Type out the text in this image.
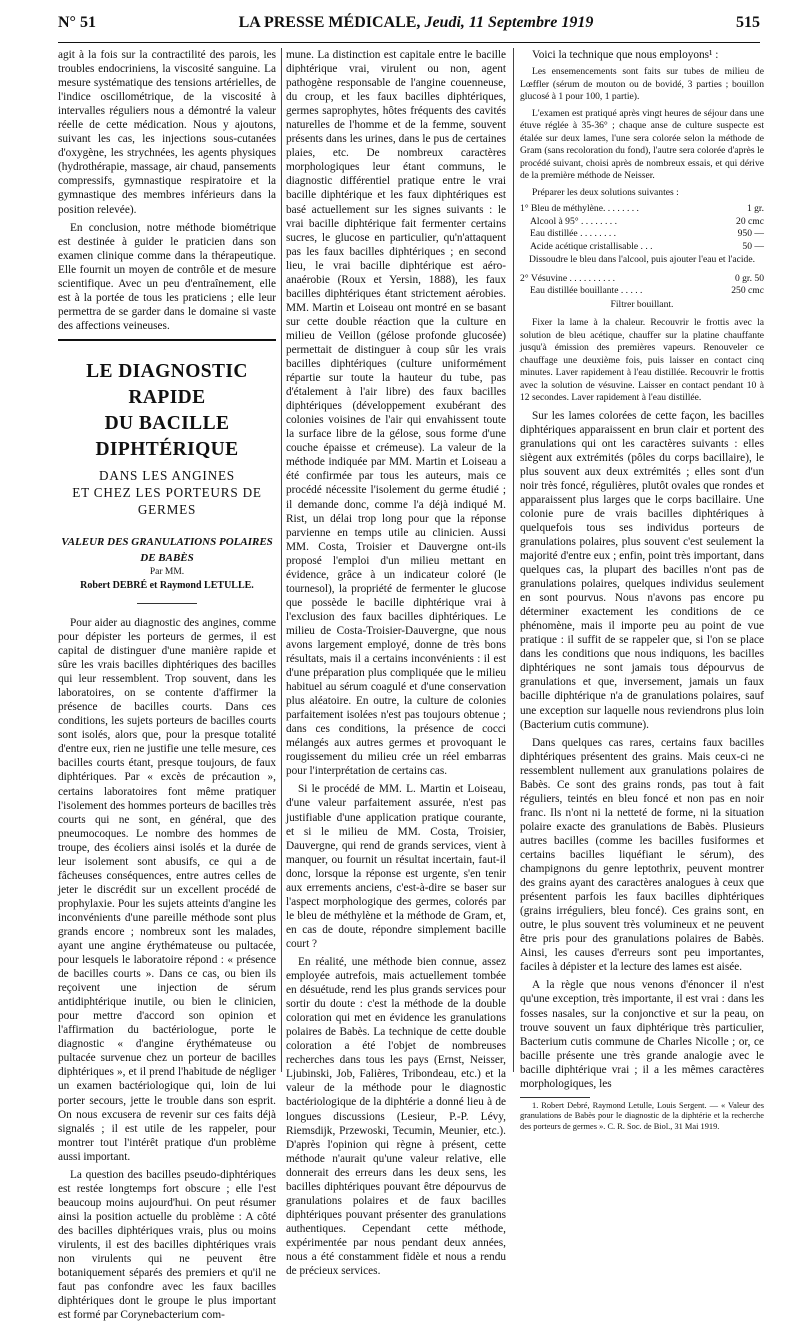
N° 51	LA PRESSE MÉDICALE, Jeudi, 11 Septembre 1919	515

agit à la fois sur la contractilité des parois, les troubles endocriniens, la viscosité sanguine. La mesure systématique des tensions artérielles, de l'indice oscillométrique, de la viscosité à intervalles réguliers nous a démontré la valeur réelle de cette médication. Nous y ajoutons, suivant les cas, les injections sous-cutanées d'oxygène, les strychnées, les agents physiques (hydrothérapie, massage, air chaud, pansements compressifs, gymnastique respiratoire et la gymnastique des membres inférieurs dans la position relevée).

En conclusion, notre méthode biométrique est destinée à guider le praticien dans son examen clinique comme dans la thérapeutique. Elle fournit un moyen de contrôle et de mesure scientifique. Avec un peu d'entraînement, elle est à la portée de tous les praticiens ; elle leur permettra de se garder dans le domaine si vaste des affections veineuses.

LE DIAGNOSTIC RAPIDE
DU BACILLE DIPHTÉRIQUE
DANS LES ANGINES
ET CHEZ LES PORTEURS DE GERMES
VALEUR DES GRANULATIONS POLAIRES DE BABÈS
Par MM.
Robert DEBRÉ et Raymond LETULLE.

Pour aider au diagnostic des angines, comme pour dépister les porteurs de germes, il est capital de distinguer d'une manière rapide et sûre les vrais bacilles diphtériques des bacilles qui leur ressemblent. Trop souvent, dans les laboratoires, on se contente d'affirmer la présence de bacilles courts. Dans ces conditions, les sujets porteurs de bacilles courts sont isolés, alors que, pour la presque totalité d'entre eux, rien ne justifie une telle mesure, ces bacilles courts étant, presque toujours, de faux diphtériques. Par « excès de précaution », certains laboratoires font même pratiquer l'isolement des hommes porteurs de bacilles très courts qui ne sont, en général, que des pneumocoques. Le nombre des hommes de troupe, des écoliers ainsi isolés et la durée de leur isolement sont abusifs, ce qui a de fâcheuses conséquences, entre autres celles de jeter le discrédit sur un excellent procédé de prophylaxie. Pour les sujets atteints d'angine les inconvénients d'une pareille méthode sont plus grands encore ; nombreux sont les malades, ayant une angine érythémateuse ou pultacée, pour lesquels le laboratoire répond : « présence de bacilles courts ». Dans ce cas, ou bien ils reçoivent une injection de sérum antidiphtérique inutile, ou bien le clinicien, pour mettre d'accord son opinion et l'affirmation du bactériologue, porte le diagnostic « d'angine érythémateuse ou pultacée survenue chez un porteur de bacilles diphtériques », et il prend l'habitude de négliger un examen bactériologique qui, loin de lui porter secours, jette le trouble dans son esprit. On nous excusera de revenir sur ces faits déjà signalés ; il est utile de les rappeler, pour montrer tout l'intérêt pratique d'un problème aussi important.

La question des bacilles pseudo-diphtériques est restée longtemps fort obscure ; elle l'est beaucoup moins aujourd'hui. On peut résumer ainsi la position actuelle du problème : A côté des bacilles diphtériques vrais, plus ou moins virulents, il est des bacilles diphtériques vrais non virulents qui ne peuvent être botaniquement séparés des premiers et qu'il ne faut pas confondre avec les faux bacilles diphtériques dont le groupe le plus important est formé par Corynebacterium com-

mune. La distinction est capitale entre le bacille diphtérique vrai, virulent ou non, agent pathogène responsable de l'angine couenneuse, du croup, et les faux bacilles diphtériques, germes saprophytes, hôtes fréquents des cavités naturelles de l'homme et de la femme, souvent présents dans les urines, dans le pus de certaines plaies, etc. De nombreux caractères morphologiques leur étant communs, le diagnostic différentiel pratique entre le vrai bacille diphtérique et les faux diphtériques est basé actuellement sur les signes suivants : le vrai bacille diphtérique fait fermenter certains sucres, le glucose en particulier, qu'n'attaquent pas les faux bacilles diphtériques ; en second lieu, le vrai bacille diphtérique est aéro-anaérobie (Roux et Yersin, 1888), les faux bacilles diphtériques étant strictement aérobies. MM. Martin et Loiseau ont montré en se basant sur cette double réaction que la culture en milieu de Veillon (gélose profonde glucosée) permettait de distinguer à coup sûr les vrais bacilles diphtériques (culture uniformément répartie sur toute la hauteur du tube, pas d'étalement à l'air libre) des faux bacilles diphtériques (développement exubérant des colonies voisines de l'air qui envahissent toute la surface libre de la gélose, sous forme d'une couche épaisse et crémeuse). La valeur de la méthode indiquée par MM. Martin et Loiseau a été confirmée par tous les auteurs, mais ce procédé nécessite l'isolement du germe étudié ; il demande donc, comme l'a déjà indiqué M. Rist, un délai trop long pour que la réponse parvienne en temps utile au clinicien. Aussi MM. Costa, Troisier et Dauvergne ont-ils proposé l'emploi d'un milieu mettant en évidence, grâce à un indicateur coloré (le tournesol), la propriété de fermenter le glucose que possède le bacille diphtérique vrai à l'exclusion des faux bacilles diphtériques. Le milieu de Costa-Troisier-Dauvergne, que nous avons largement employé, donne de très bons résultats, mais il a certains inconvénients : il est d'une préparation plus compliquée que le milieu habituel au sérum coagulé et d'une conservation plus aléatoire. En outre, la culture de colonies parfaitement isolées n'est pas toujours obtenue ; dans ces conditions, la présence de cocci mélangés aux autres germes et provoquant le rougissement du milieu crée un réel embarras pour l'interprétation de certains cas.

Si le procédé de MM. L. Martin et Loiseau, d'une valeur parfaitement assurée, n'est pas justifiable d'une application pratique courante, et si le milieu de MM. Costa, Troisier, Dauvergne, qui rend de grands services, vient à manquer, ou fournit un résultat incertain, faut-il donc, lorsque la réponse est urgente, s'en tenir aux errements anciens, c'est-à-dire se baser sur l'aspect morphologique des germes, colorés par le bleu de méthylène et la méthode de Gram, et, en cas de doute, répondre simplement bacille court ?

En réalité, une méthode bien connue, assez employée autrefois, mais actuellement tombée en désuétude, rend les plus grands services pour sortir du doute : c'est la méthode de la double coloration qui met en évidence les granulations polaires de Babès. La technique de cette double coloration a été l'objet de nombreuses recherches dans tous les pays (Ernst, Neisser, Ljubinski, Job, Falières, Tribondeau, etc.) et la valeur de la méthode pour le diagnostic bactériologique de la diphtérie a donné lieu à de longues discussions (Lesieur, P.-P. Lévy, Riemsdijk, Przewoski, Tecumin, Meunier, etc.). D'après l'opinion qui règne à présent, cette méthode n'aurait qu'une valeur relative, elle donnerait des erreurs dans les deux sens, les bacilles diphtériques pouvant être dépourvus de granulations polaires et de faux bacilles diphtériques pouvant présenter des granulations authentiques. Cependant cette méthode, expérimentée par nous pendant deux années, nous a été constamment fidèle et nous a rendu de précieux services.

Voici la technique que nous employons¹ :

Les ensemencements sont faits sur tubes de milieu de Lœffler (sérum de mouton ou de bovidé, 3 parties ; bouillon glucosé à 1 pour 100, 1 partie).

L'examen est pratiqué après vingt heures de séjour dans une étuve réglée à 35-36° ; chaque anse de culture suspecte est étalée sur deux lames, l'une sera colorée selon la méthode de Gram (sans recoloration du fond), l'autre sera colorée d'après le procédé suivant, choisi après de nombreux essais, et qui dérive de la première méthode de Neisser.

Préparer les deux solutions suivantes :

1° Bleu de méthylène. . . . . . . .	1 gr.
Alcool à 95° . . . . . . . .	20 cmc
Eau distillée . . . . . . . .	950 —
Acide acétique cristallisable . . .	50 —

Dissoudre le bleu dans l'alcool, puis ajouter l'eau et l'acide.

2° Vésuvine . . . . . . . . . .	0 gr. 50
Eau distillée bouillante . . . . .	250 cmc

Filtrer bouillant.

Fixer la lame à la chaleur. Recouvrir le frottis avec la solution de bleu acétique, chauffer sur la platine chauffante jusqu'à émission des premières vapeurs. Renouveler ce chauffage une deuxième fois, puis laisser en contact cinq minutes. Laver rapidement à l'eau distillée. Recouvrir le frottis avec la solution de vésuvine. Laisser en contact pendant 10 à 12 secondes. Laver rapidement à l'eau distillée.

Sur les lames colorées de cette façon, les bacilles diphtériques apparaissent en brun clair et portent des granulations qui ont les caractères suivants : elles siègent aux extrémités (pôles du corps bacillaire), le plus souvent aux deux extrémités ; elles sont d'un noir très foncé, régulières, plutôt ovales que rondes et apparaissent plus larges que le corps bacillaire. Une colonie pure de vrais bacilles diphtériques à quelquefois tous ses individus porteurs de granulations polaires, plus souvent c'est seulement la majorité d'entre eux ; enfin, point très important, dans quelques cas, la plupart des bacilles n'ont pas de granulations polaires, quelques individus seulement en sont pourvus. Nous n'avons pas encore pu déterminer exactement les conditions de ce phénomène, mais il importe peu au point de vue pratique : il suffit de se rappeler que, si l'on se place dans les conditions que nous indiquons, les bacilles diphtériques ne sont jamais tous dépourvus de granulations et que, inversement, jamais un faux bacille diphtérique n'a de granulations polaires, sauf une exception sur laquelle nous reviendrons plus loin (Bacterium cutis commune).

Dans quelques cas rares, certains faux bacilles diphtériques présentent des grains. Mais ceux-ci ne ressemblent nullement aux granulations polaires de Babès. Ce sont des grains ronds, pas tout à fait réguliers, teintés en bleu foncé et non pas en noir franc. Ils n'ont ni la netteté de forme, ni la situation polaire exacte des granulations de Babès. Plusieurs autres bacilles (comme les bacilles fusiformes et certains bacilles liquéfiant le sérum), des champignons du genre leptothrix, peuvent montrer des grains ayant des caractères analogues à ceux que présentent parfois les faux bacilles diphtériques (grains irréguliers, bleu foncé). Ces grains sont, en outre, le plus souvent très volumineux et ne peuvent être pris pour des granulations polaires de Babès. Ainsi, les causes d'erreurs sont peu importantes, faciles à dépister et la lecture des lames est aisée.

A la règle que nous venons d'énoncer il n'est qu'une exception, très importante, il est vrai : dans les fosses nasales, sur la conjonctive et sur la peau, on trouve souvent un faux diphtérique très particulier, Bacterium cutis commune de Charles Nicolle ; or, ce bacille présente une très grande analogie avec le bacille diphtérique vrai ; il a les mêmes caractères morphologiques, les

1. Robert Debré, Raymond Letulle, Louis Sergent. — « Valeur des granulations de Babès pour le diagnostic de la diphtérie et la recherche des porteurs de germes ». C. R. Soc. de Biol., 31 Mai 1919.
